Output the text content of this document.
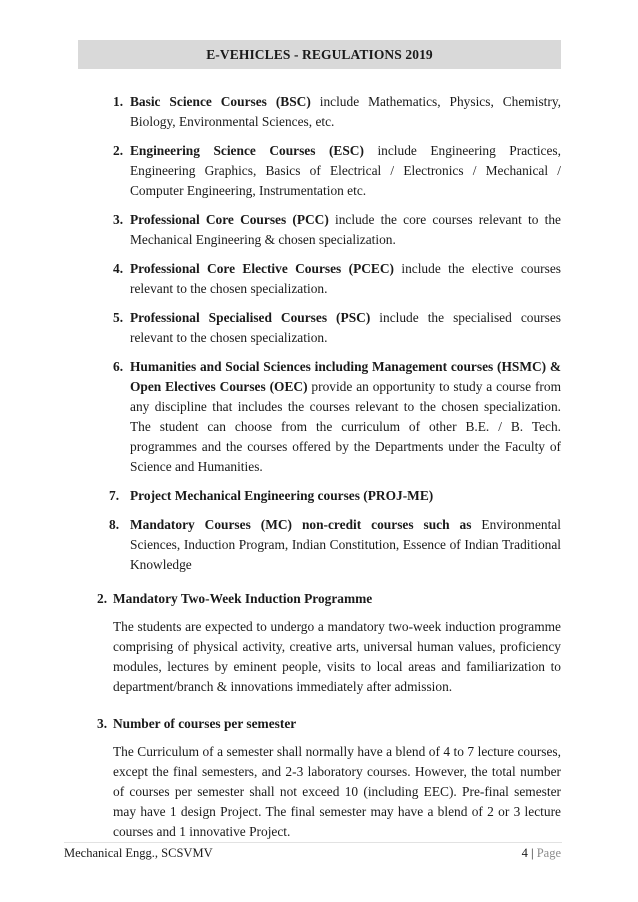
E-VEHICLES - REGULATIONS 2019
1. Basic Science Courses (BSC) include Mathematics, Physics, Chemistry, Biology, Environmental Sciences, etc.
2. Engineering Science Courses (ESC) include Engineering Practices, Engineering Graphics, Basics of Electrical / Electronics / Mechanical / Computer Engineering, Instrumentation etc.
3. Professional Core Courses (PCC) include the core courses relevant to the Mechanical Engineering & chosen specialization.
4. Professional Core Elective Courses (PCEC) include the elective courses relevant to the chosen specialization.
5. Professional Specialised Courses (PSC) include the specialised courses relevant to the chosen specialization.
6. Humanities and Social Sciences including Management courses (HSMC) & Open Electives Courses (OEC) provide an opportunity to study a course from any discipline that includes the courses relevant to the chosen specialization. The student can choose from the curriculum of other B.E. / B. Tech. programmes and the courses offered by the Departments under the Faculty of Science and Humanities.
7. Project Mechanical Engineering courses (PROJ-ME)
8. Mandatory Courses (MC) non-credit courses such as Environmental Sciences, Induction Program, Indian Constitution, Essence of Indian Traditional Knowledge
2. Mandatory Two-Week Induction Programme

The students are expected to undergo a mandatory two-week induction programme comprising of physical activity, creative arts, universal human values, proficiency modules, lectures by eminent people, visits to local areas and familiarization to department/branch & innovations immediately after admission.

3. Number of courses per semester

The Curriculum of a semester shall normally have a blend of 4 to 7 lecture courses, except the final semesters, and 2-3 laboratory courses. However, the total number of courses per semester shall not exceed 10 (including EEC). Pre-final semester may have 1 design Project. The final semester may have a blend of 2 or 3 lecture courses and 1 innovative Project.

Mechanical Engg., SCSVMV	4 | Page
